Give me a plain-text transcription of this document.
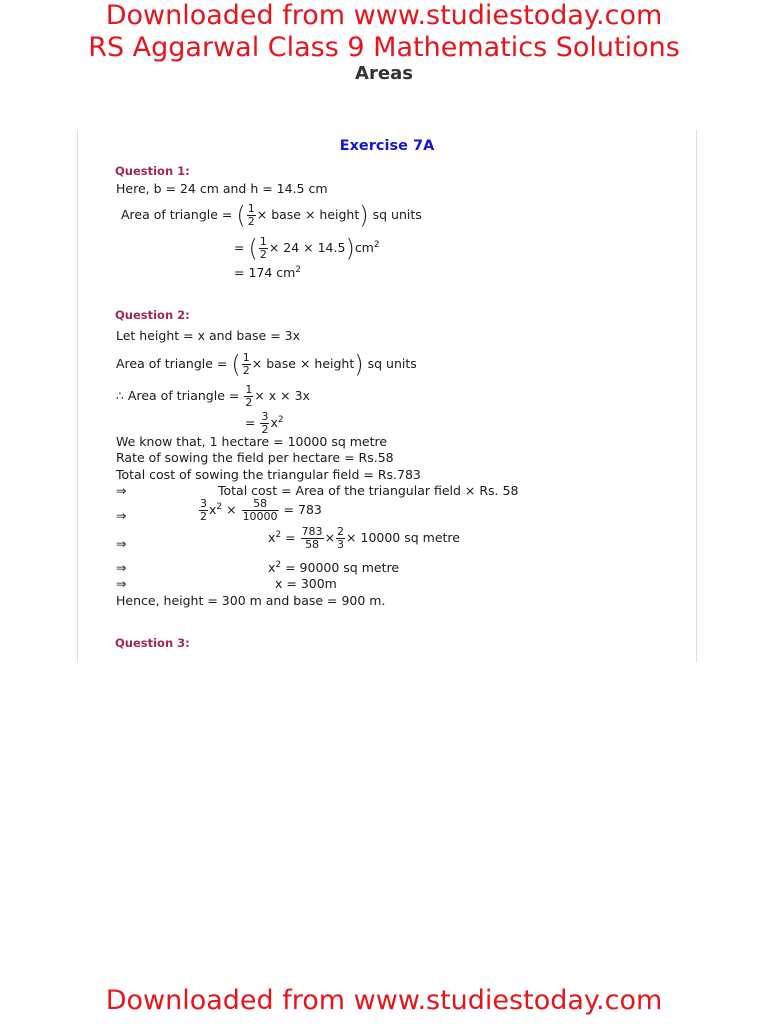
Downloaded from www.studiestoday.com
RS Aggarwal Class 9 Mathematics Solutions
Areas
Exercise 7A
Question 1:
Here, b = 24 cm and h = 14.5 cm
Area of triangle = ( $\frac{1}{2}$ × base × height) sq units
= ( $\frac{1}{2} \times 24 \times 14.5)cm^2$
= 174 $cm^2$
Question 2:
Let height = x and base = 3x
Area of triangle = ( $\frac{1}{2}$ × base × height) sq units
∴ Area of triangle = $\frac{1}{2} \times x \times 3x$
= $\frac{3}{2} x^2$
We know that, 1 hectare = 10000 sq metre
Rate of sowing the field per hectare = Rs.58
Total cost of sowing the triangular field = Rs.783
⇒	Total cost = Area of the triangular field × Rs. 58
⇒	$\frac{3}{2} x^2 \times \frac{58}{10000} = 783$
⇒	$x^2 = \frac{783}{58} \times \frac{2}{3} \times 10000$ sq metre
⇒	$x^2 = 90000$ sq metre
⇒	x = 300m
Hence, height = 300 m and base = 900 m.
Question 3:
Downloaded from www.studiestoday.com
